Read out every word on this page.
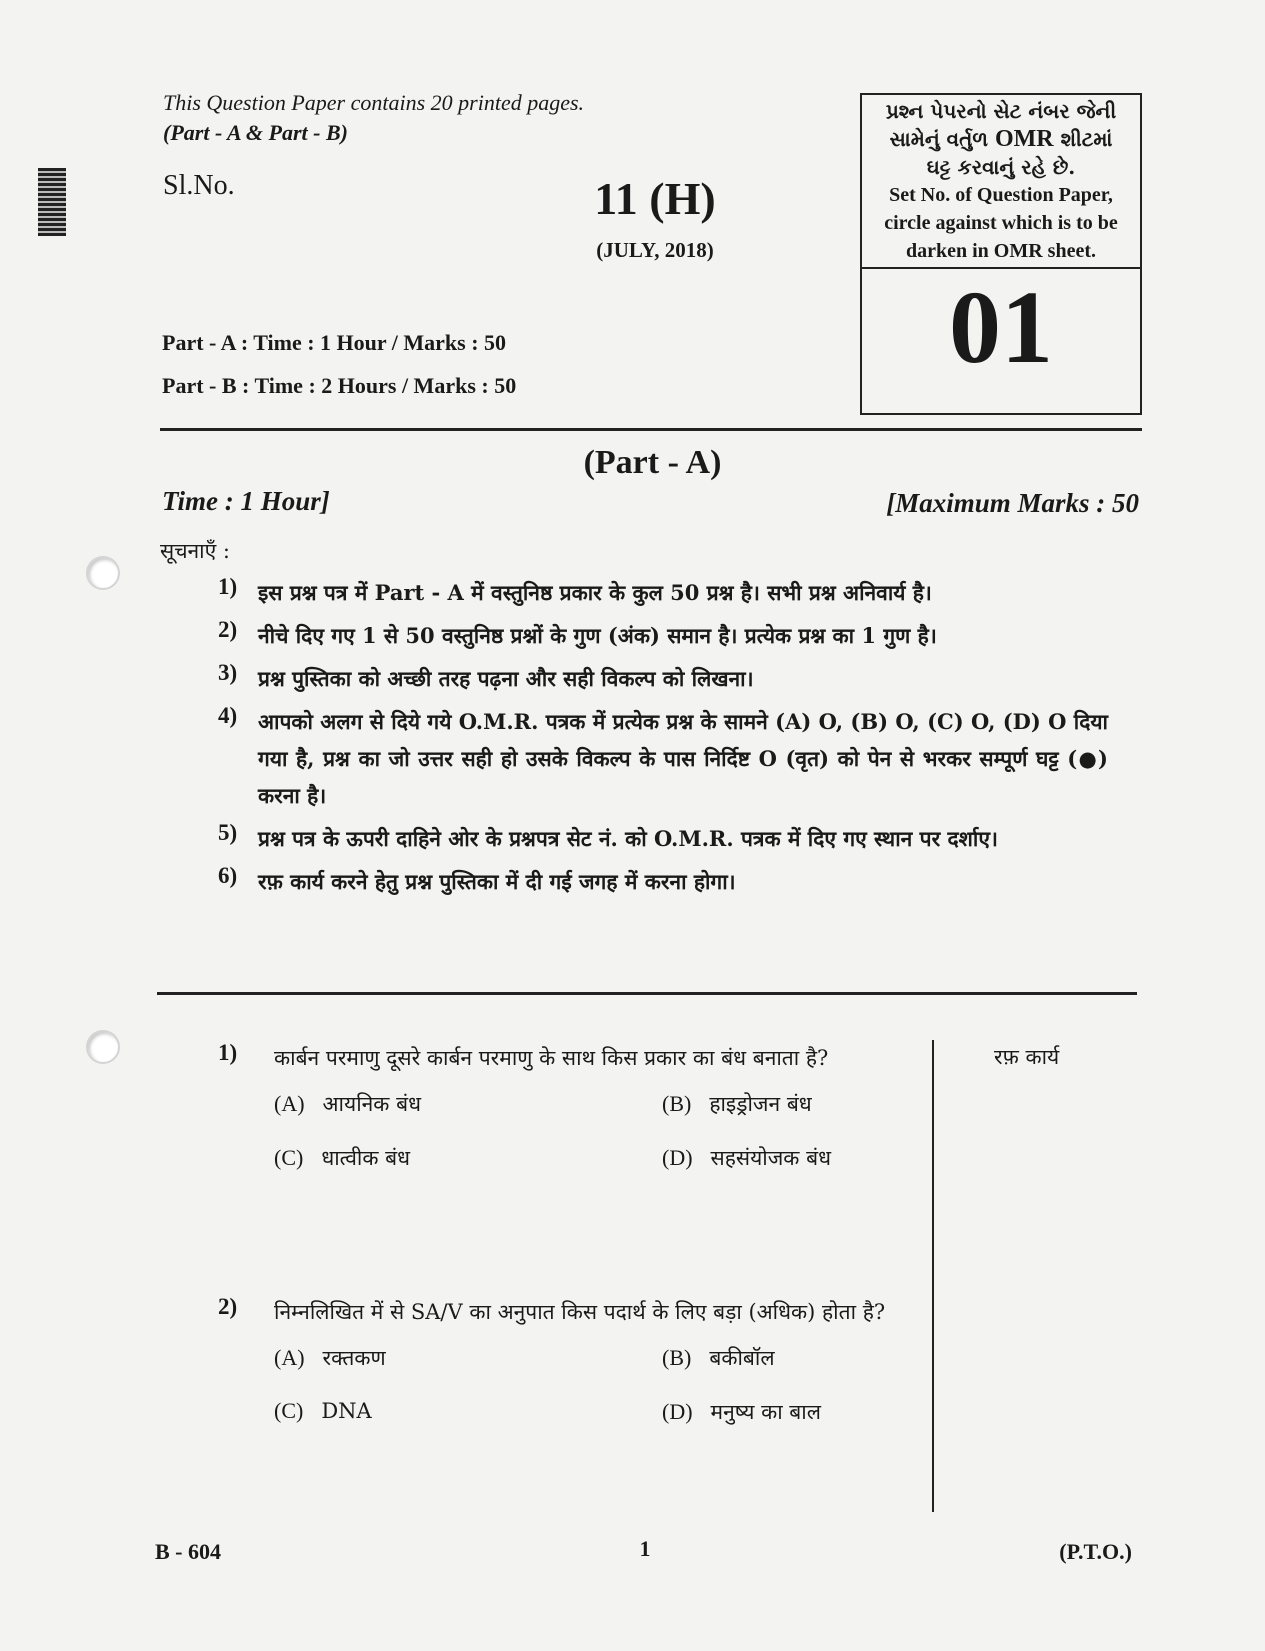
This Question Paper contains 20 printed pages.
(Part - A & Part - B)
Sl.No.	11 (H)
(JULY, 2018)
Part - A : Time : 1 Hour / Marks : 50
Part - B : Time : 2 Hours / Marks : 50
પ્રશ્ન પેપરનો સેટ નંબર જેની
સામેનું વર્તુળ OMR શીટમાં
ઘટ્ટ કરવાનું રહે છે.
Set No. of Question Paper,
circle against which is to be
darken in OMR sheet.
01
(Part - A)
Time : 1 Hour]	[Maximum Marks : 50
सूचनाएँ :
1) इस प्रश्न पत्र में Part - A में वस्तुनिष्ठ प्रकार के कुल 50 प्रश्न है। सभी प्रश्न अनिवार्य है।
2) नीचे दिए गए 1 से 50 वस्तुनिष्ठ प्रश्नों के गुण (अंक) समान है। प्रत्येक प्रश्न का 1 गुण है।
3) प्रश्न पुस्तिका को अच्छी तरह पढ़ना और सही विकल्प को लिखना।
4) आपको अलग से दिये गये O.M.R. पत्रक में प्रत्येक प्रश्न के सामने (A) O, (B) O, (C) O, (D) O दिया गया है, प्रश्न का जो उत्तर सही हो उसके विकल्प के पास निर्दिष्ट O (वृत) को पेन से भरकर सम्पूर्ण घट्ट (●) करना है।
5) प्रश्न पत्र के ऊपरी दाहिने ओर के प्रश्नपत्र सेट नं. को O.M.R. पत्रक में दिए गए स्थान पर दर्शाए।
6) रफ़ कार्य करने हेतु प्रश्न पुस्तिका में दी गई जगह में करना होगा।
रफ़ कार्य
1)	कार्बन परमाणु दूसरे कार्बन परमाणु के साथ किस प्रकार का बंध बनाता है?
(A) आयनिक बंध	(B) हाइड्रोजन बंध
(C) धात्वीक बंध	(D) सहसंयोजक बंध
2)	निम्नलिखित में से SA/V का अनुपात किस पदार्थ के लिए बड़ा (अधिक) होता है?
(A) रक्तकण	(B) बकीबॉल
(C) DNA	(D) मनुष्य का बाल
B - 604	1	(P.T.O.)
